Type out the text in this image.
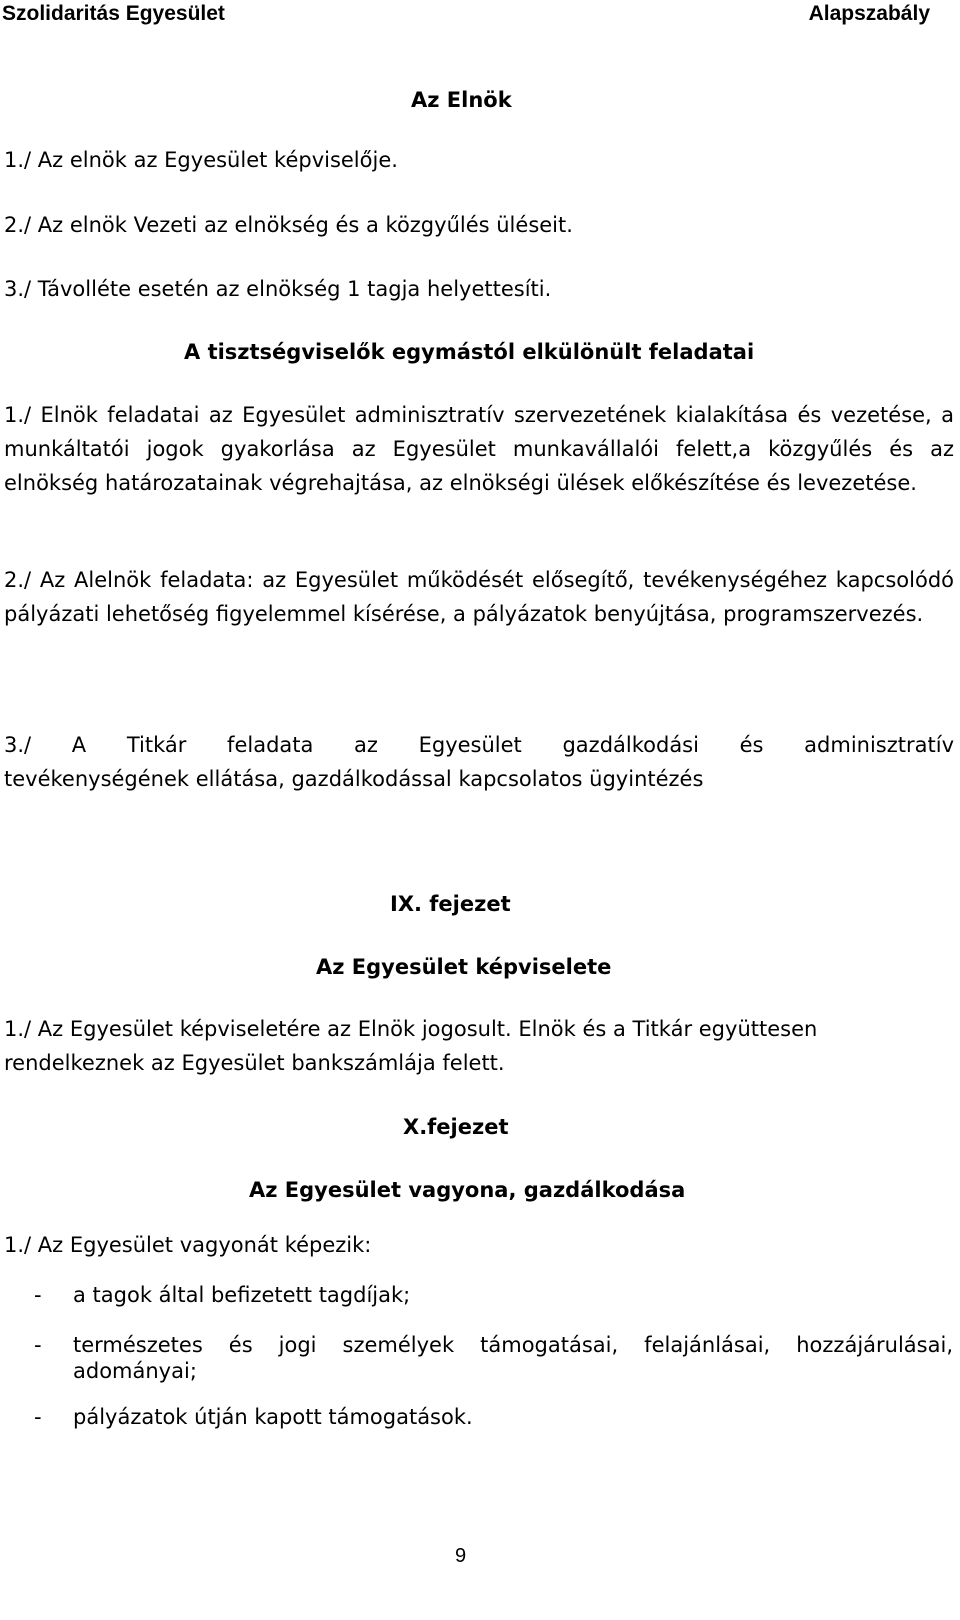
Szolidaritás Egyesület	Alapszabály
Az Elnök
1./ Az elnök az Egyesület képviselője.
2./ Az elnök Vezeti az elnökség és a közgyűlés üléseit.
3./ Távolléte esetén az elnökség 1 tagja helyettesíti.
A tisztségviselők egymástól elkülönült feladatai

1./ Elnök feladatai az Egyesület adminisztratív szervezetének kialakítása és vezetése, a munkáltatói jogok gyakorlása az Egyesület munkavállalói felett,a közgyűlés és az elnökség határozatainak végrehajtása, az elnökségi ülések előkészítése és levezetése.

2./ Az Alelnök feladata: az Egyesület működését elősegítő, tevékenységéhez kapcsolódó pályázati lehetőség figyelemmel kísérése, a pályázatok benyújtása, programszervezés.

3./ A Titkár feladata az Egyesület gazdálkodási és adminisztratív
tevékenységének ellátása, gazdálkodással kapcsolatos ügyintézés
IX. fejezet
Az Egyesület képviselete

1./ Az Egyesület képviseletére az Elnök jogosult. Elnök és a Titkár együttesen rendelkeznek az Egyesület bankszámlája felett.

X.fejezet
Az Egyesület vagyona, gazdálkodása
1./ Az Egyesület vagyonát képezik:
- a tagok által befizetett tagdíjak;
- természetes és jogi személyek támogatásai, felajánlásai, hozzájárulásai, adományai;
- pályázatok útján kapott támogatások.
9
